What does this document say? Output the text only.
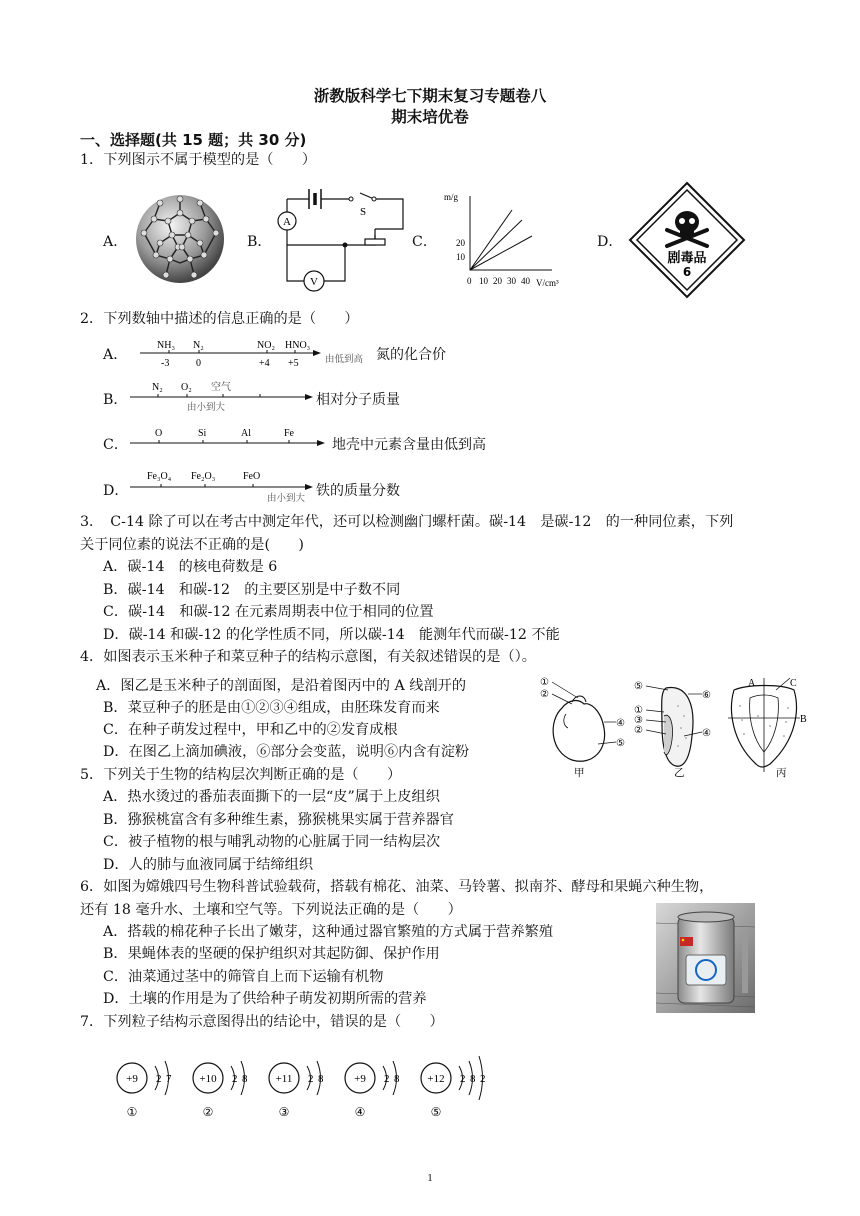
浙教版科学七下期末复习专题卷八
期末培优卷
一、选择题(共 15 题；共 30 分)
1．下列图示不属于模型的是（　　）
A．	B．	C．	D．
A
V
S
m/g
20
10
0 10 20 30 40 V/cm³
剧毒品
6
2．下列数轴中描述的信息正确的是（　　）
A．
NH₃ N₂	NO₂ HNO₃
-3	0	+4 +5	由低到高 氮的化合价
B．
N₂ O₂ 空气
由小到大	相对分子质量
C．
O	Si	Al	Fe
地壳中元素含量由低到高
D．
Fe₃O₄ Fe₂O₃	FeO
由小到大 铁的质量分数
3．　C-14 除了可以在考古中测定年代，还可以检测幽门螺杆菌。碳-14　是碳-12　的一种同位素，下列
关于同位素的说法不正确的是(　　)
A．碳-14　的核电荷数是 6
B．碳-14　和碳-12　的主要区别是中子数不同
C．碳-14　和碳-12 在元素周期表中位于相同的位置
D．碳-14 和碳-12 的化学性质不同，所以碳-14　能测年代而碳-12 不能
4．如图表示玉米种子和菜豆种子的结构示意图，有关叙述错误的是（）。
A．图乙是玉米种子的剖面图，是沿着图丙中的 A 线剖开的
B．菜豆种子的胚是由①②③④组成，由胚珠发育而来
C．在种子萌发过程中，甲和乙中的②发育成根
D．在图乙上滴加碘液，⑥部分会变蓝，说明⑥内含有淀粉
①
②
④
⑤
甲
⑤
①
③
②
⑥
④
乙
A	C
B
丙
5．下列关于生物的结构层次判断正确的是（　　）
A．热水烫过的番茄表面撕下的一层“皮”属于上皮组织
B．猕猴桃富含有多种维生素，猕猴桃果实属于营养器官
C．被子植物的根与哺乳动物的心脏属于同一结构层次
D．人的肺与血液同属于结缔组织
6．如图为嫦娥四号生物科普试验载荷，搭载有棉花、油菜、马铃薯、拟南芥、酵母和果蝇六种生物，
还有 18 毫升水、土壤和空气等。下列说法正确的是（　　）
A．搭载的棉花种子长出了嫩芽，这种通过器官繁殖的方式属于营养繁殖
B．果蝇体表的坚硬的保护组织对其起防御、保护作用
C．油菜通过茎中的筛管自上而下运输有机物
D．土壤的作用是为了供给种子萌发初期所需的营养
7．下列粒子结构示意图得出的结论中，错误的是（　　）
+9 2 7
①
+10 2 8
②
+11 2 8
③
+9 2 8
④
+12 2 8 2
⑤
1
